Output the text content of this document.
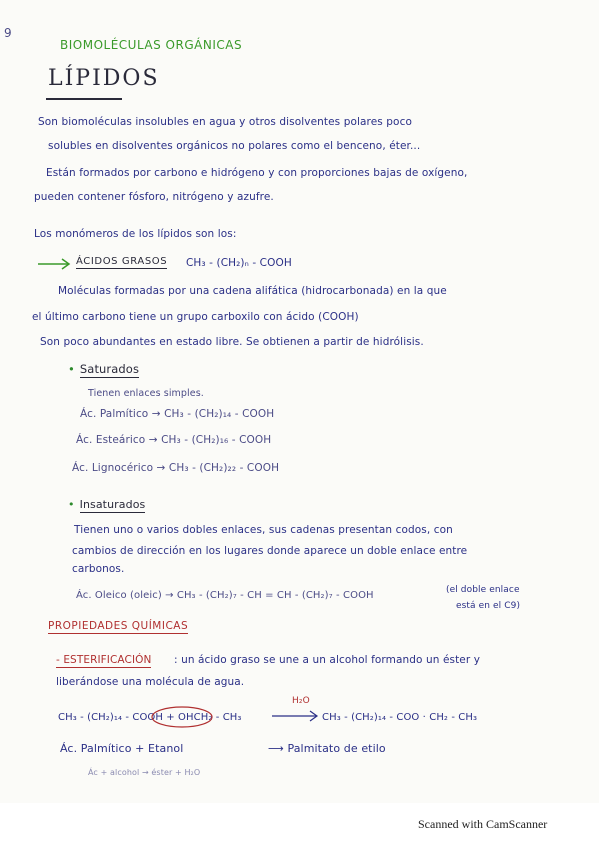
9
BIOMOLÉCULAS ORGÁNICAS
LÍPIDOS
Son biomoléculas insolubles en agua y otros disolventes polares poco
solubles en disolventes orgánicos no polares como el benceno, éter...
Están formados por carbono e hidrógeno y con proporciones bajas de oxígeno,
pueden contener fósforo, nitrógeno y azufre.
Los monómeros de los lípidos son los:
ÁCIDOS GRASOS CH₃ - (CH₂)ₙ - COOH
Moléculas formadas por una cadena alifática (hidrocarbonada) en la que
el último carbono tiene un grupo carboxilo con ácido (COOH)
Son poco abundantes en estado libre. Se obtienen a partir de hidrólisis.
• Saturados
Tienen enlaces simples.
Ác. Palmítico → CH₃ - (CH₂)₁₄ - COOH
Ác. Esteárico → CH₃ - (CH₂)₁₆ - COOH
Ác. Lignocérico → CH₃ - (CH₂)₂₂ - COOH
• Insaturados
Tienen uno o varios dobles enlaces, sus cadenas presentan codos, con
cambios de dirección en los lugares donde aparece un doble enlace entre
carbonos.
Ác. Oleico (oleic) → CH₃ - (CH₂)₇ - CH = CH - (CH₂)₇ - COOH	(el doble enlace
está en el C9)
PROPIEDADES QUÍMICAS
- ESTERIFICACIÓN : un ácido graso se une a un alcohol formando un éster y
liberándose una molécula de agua.
CH₃ - (CH₂)₁₄ - COOH + OHCH₂ - CH₃
H₂O
→ CH₃ - (CH₂)₁₄ - COO · CH₂ - CH₃
Ác. Palmítico + Etanol	⟶ Palmitato de etilo
Ác + alcohol → éster + H₂O
Scanned with CamScanner
